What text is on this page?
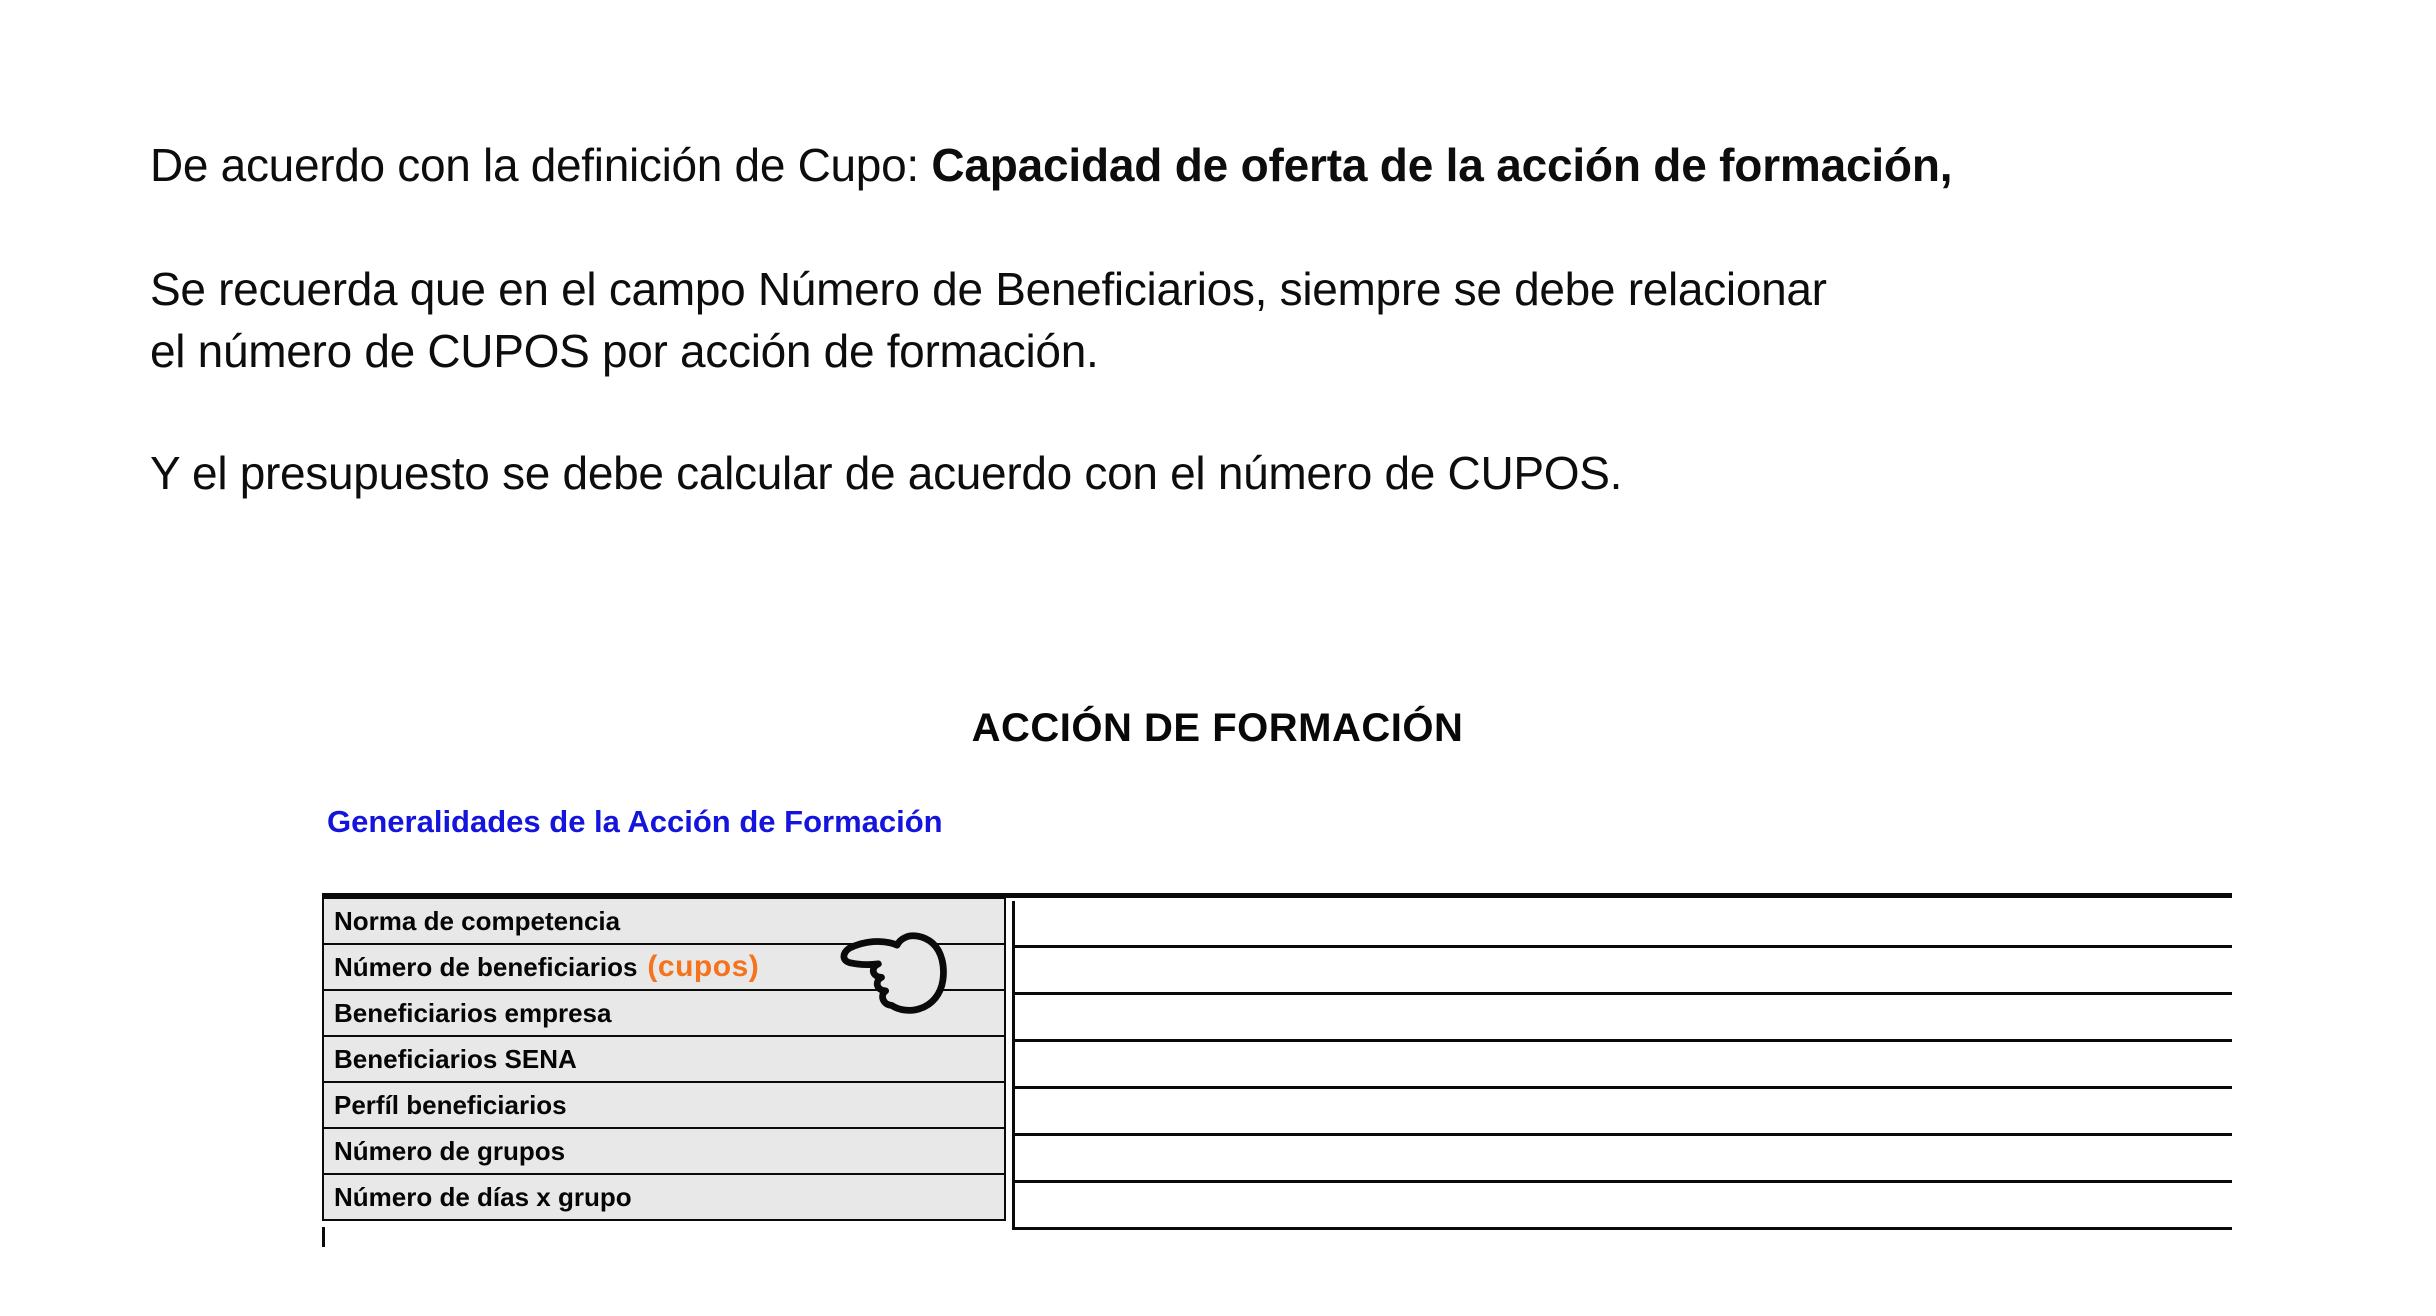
De acuerdo con la definición de Cupo: Capacidad de oferta de la acción de formación,

Se recuerda que en el campo Número de Beneficiarios, siempre se debe relacionar
el número de CUPOS por acción de formación.

Y el presupuesto se debe calcular de acuerdo con el número de CUPOS.

ACCIÓN DE FORMACIÓN
Generalidades de la Acción de Formación
Norma de competencia
Número de beneficiarios (cupos)
Beneficiarios empresa
Beneficiarios SENA
Perfíl beneficiarios
Número de grupos
Número de días x grupo
